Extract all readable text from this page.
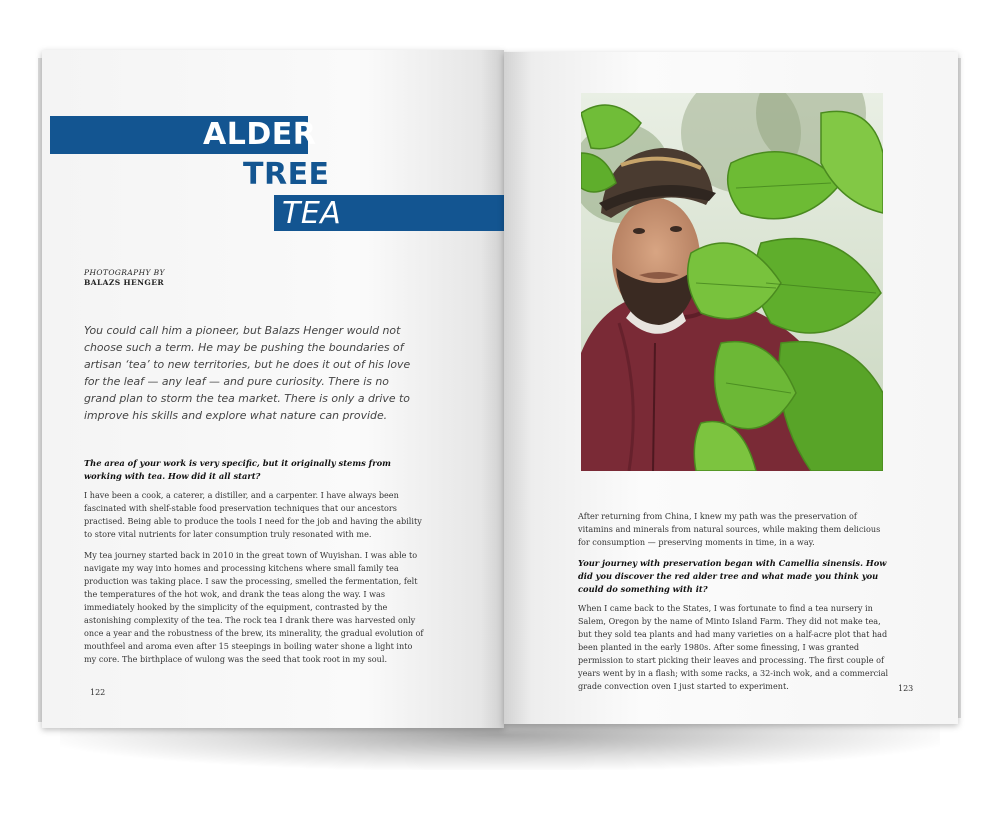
ALDER
TREE
TEA
PHOTOGRAPHY BY
BALAZS HENGER
You could call him a pioneer, but Balazs Henger would not choose such a term. He may be pushing the boundaries of artisan ‘tea’ to new territories, but he does it out of his love for the leaf — any leaf — and pure curiosity. There is no grand plan to storm the tea market. There is only a drive to improve his skills and explore what nature can provide.
The area of your work is very specific, but it originally stems from working with tea. How did it all start?
I have been a cook, a caterer, a distiller, and a carpenter. I have always been fascinated with shelf-stable food preservation techniques that our ancestors practised. Being able to produce the tools I need for the job and having the ability to store vital nutrients for later consumption truly resonated with me.
My tea journey started back in 2010 in the great town of Wuyishan. I was able to navigate my way into homes and processing kitchens where small family tea production was taking place. I saw the processing, smelled the fermentation, felt the temperatures of the hot wok, and drank the teas along the way. I was immediately hooked by the simplicity of the equipment, contrasted by the astonishing complexity of the tea. The rock tea I drank there was harvested only once a year and the robustness of the brew, its minerality, the gradual evolution of mouthfeel and aroma even after 15 steepings in boiling water shone a light into my core. The birthplace of wulong was the seed that took root in my soul.
122
After returning from China, I knew my path was the preservation of vitamins and minerals from natural sources, while making them delicious for consumption — preserving moments in time, in a way.
Your journey with preservation began with Camellia sinensis. How did you discover the red alder tree and what made you think you could do something with it?
When I came back to the States, I was fortunate to find a tea nursery in Salem, Oregon by the name of Minto Island Farm. They did not make tea, but they sold tea plants and had many varieties on a half-acre plot that had been planted in the early 1980s. After some finessing, I was granted permission to start picking their leaves and processing. The first couple of years went by in a flash; with some racks, a 32-inch wok, and a commercial grade convection oven I just started to experiment.	123
